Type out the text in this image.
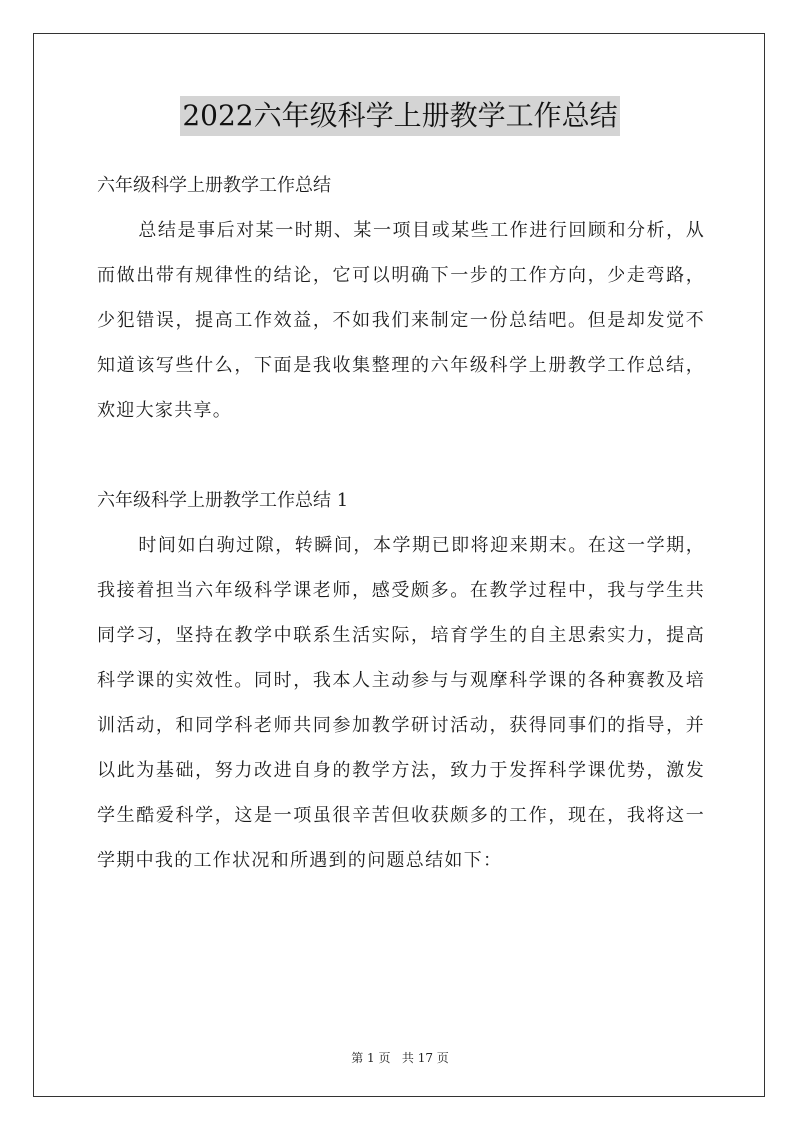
2022六年级科学上册教学工作总结
六年级科学上册教学工作总结

总结是事后对某一时期、某一项目或某些工作进行回顾和分析，从而做出带有规律性的结论，它可以明确下一步的工作方向，少走弯路，少犯错误，提高工作效益，不如我们来制定一份总结吧。但是却发觉不知道该写些什么，下面是我收集整理的六年级科学上册教学工作总结，欢迎大家共享。

六年级科学上册教学工作总结 1

时间如白驹过隙，转瞬间，本学期已即将迎来期末。在这一学期，我接着担当六年级科学课老师，感受颇多。在教学过程中，我与学生共同学习，坚持在教学中联系生活实际，培育学生的自主思索实力，提高科学课的实效性。同时，我本人主动参与与观摩科学课的各种赛教及培训活动，和同学科老师共同参加教学研讨活动，获得同事们的指导，并以此为基础，努力改进自身的教学方法，致力于发挥科学课优势，激发学生酷爱科学，这是一项虽很辛苦但收获颇多的工作，现在，我将这一学期中我的工作状况和所遇到的问题总结如下：

第 1 页 共 17 页
